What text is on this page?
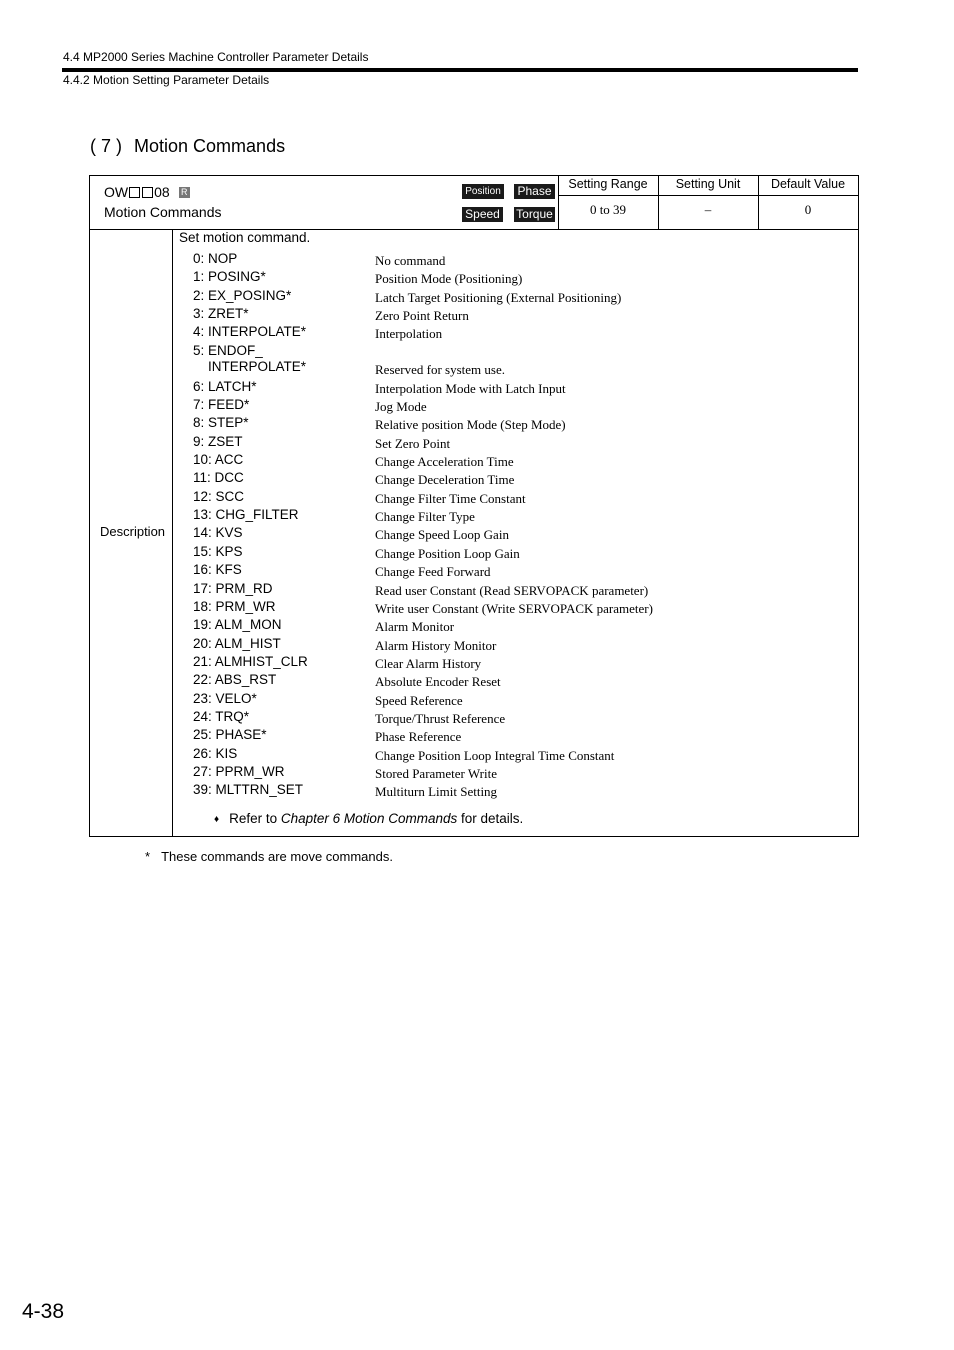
4.4 MP2000 Series Machine Controller Parameter Details
4.4.2 Motion Setting Parameter Details
( 7 ) Motion Commands
OW 08 R
Motion Commands
Position Phase
Speed Torque
Setting Range	Setting Unit	Default Value
0 to 39	–	0
Description
Set motion command.
0: NOP	No command
1: POSING*	Position Mode (Positioning)
2: EX_POSING*	Latch Target Positioning (External Positioning)
3: ZRET*	Zero Point Return
4: INTERPOLATE*	Interpolation
5: ENDOF_
INTERPOLATE*	Reserved for system use.
6: LATCH*	Interpolation Mode with Latch Input
7: FEED*	Jog Mode
8: STEP*	Relative position Mode (Step Mode)
9: ZSET	Set Zero Point
10: ACC	Change Acceleration Time
11: DCC	Change Deceleration Time
12: SCC	Change Filter Time Constant
13: CHG_FILTER	Change Filter Type
14: KVS	Change Speed Loop Gain
15: KPS	Change Position Loop Gain
16: KFS	Change Feed Forward
17: PRM_RD	Read user Constant (Read SERVOPACK parameter)
18: PRM_WR	Write user Constant (Write SERVOPACK parameter)
19: ALM_MON	Alarm Monitor
20: ALM_HIST	Alarm History Monitor
21: ALMHIST_CLR	Clear Alarm History
22: ABS_RST	Absolute Encoder Reset
23: VELO*	Speed Reference
24: TRQ*	Torque/Thrust Reference
25: PHASE*	Phase Reference
26: KIS	Change Position Loop Integral Time Constant
27: PPRM_WR	Stored Parameter Write
39: MLTTRN_SET	Multiturn Limit Setting
♦ Refer to Chapter 6 Motion Commands for details.
* These commands are move commands.
4-38
